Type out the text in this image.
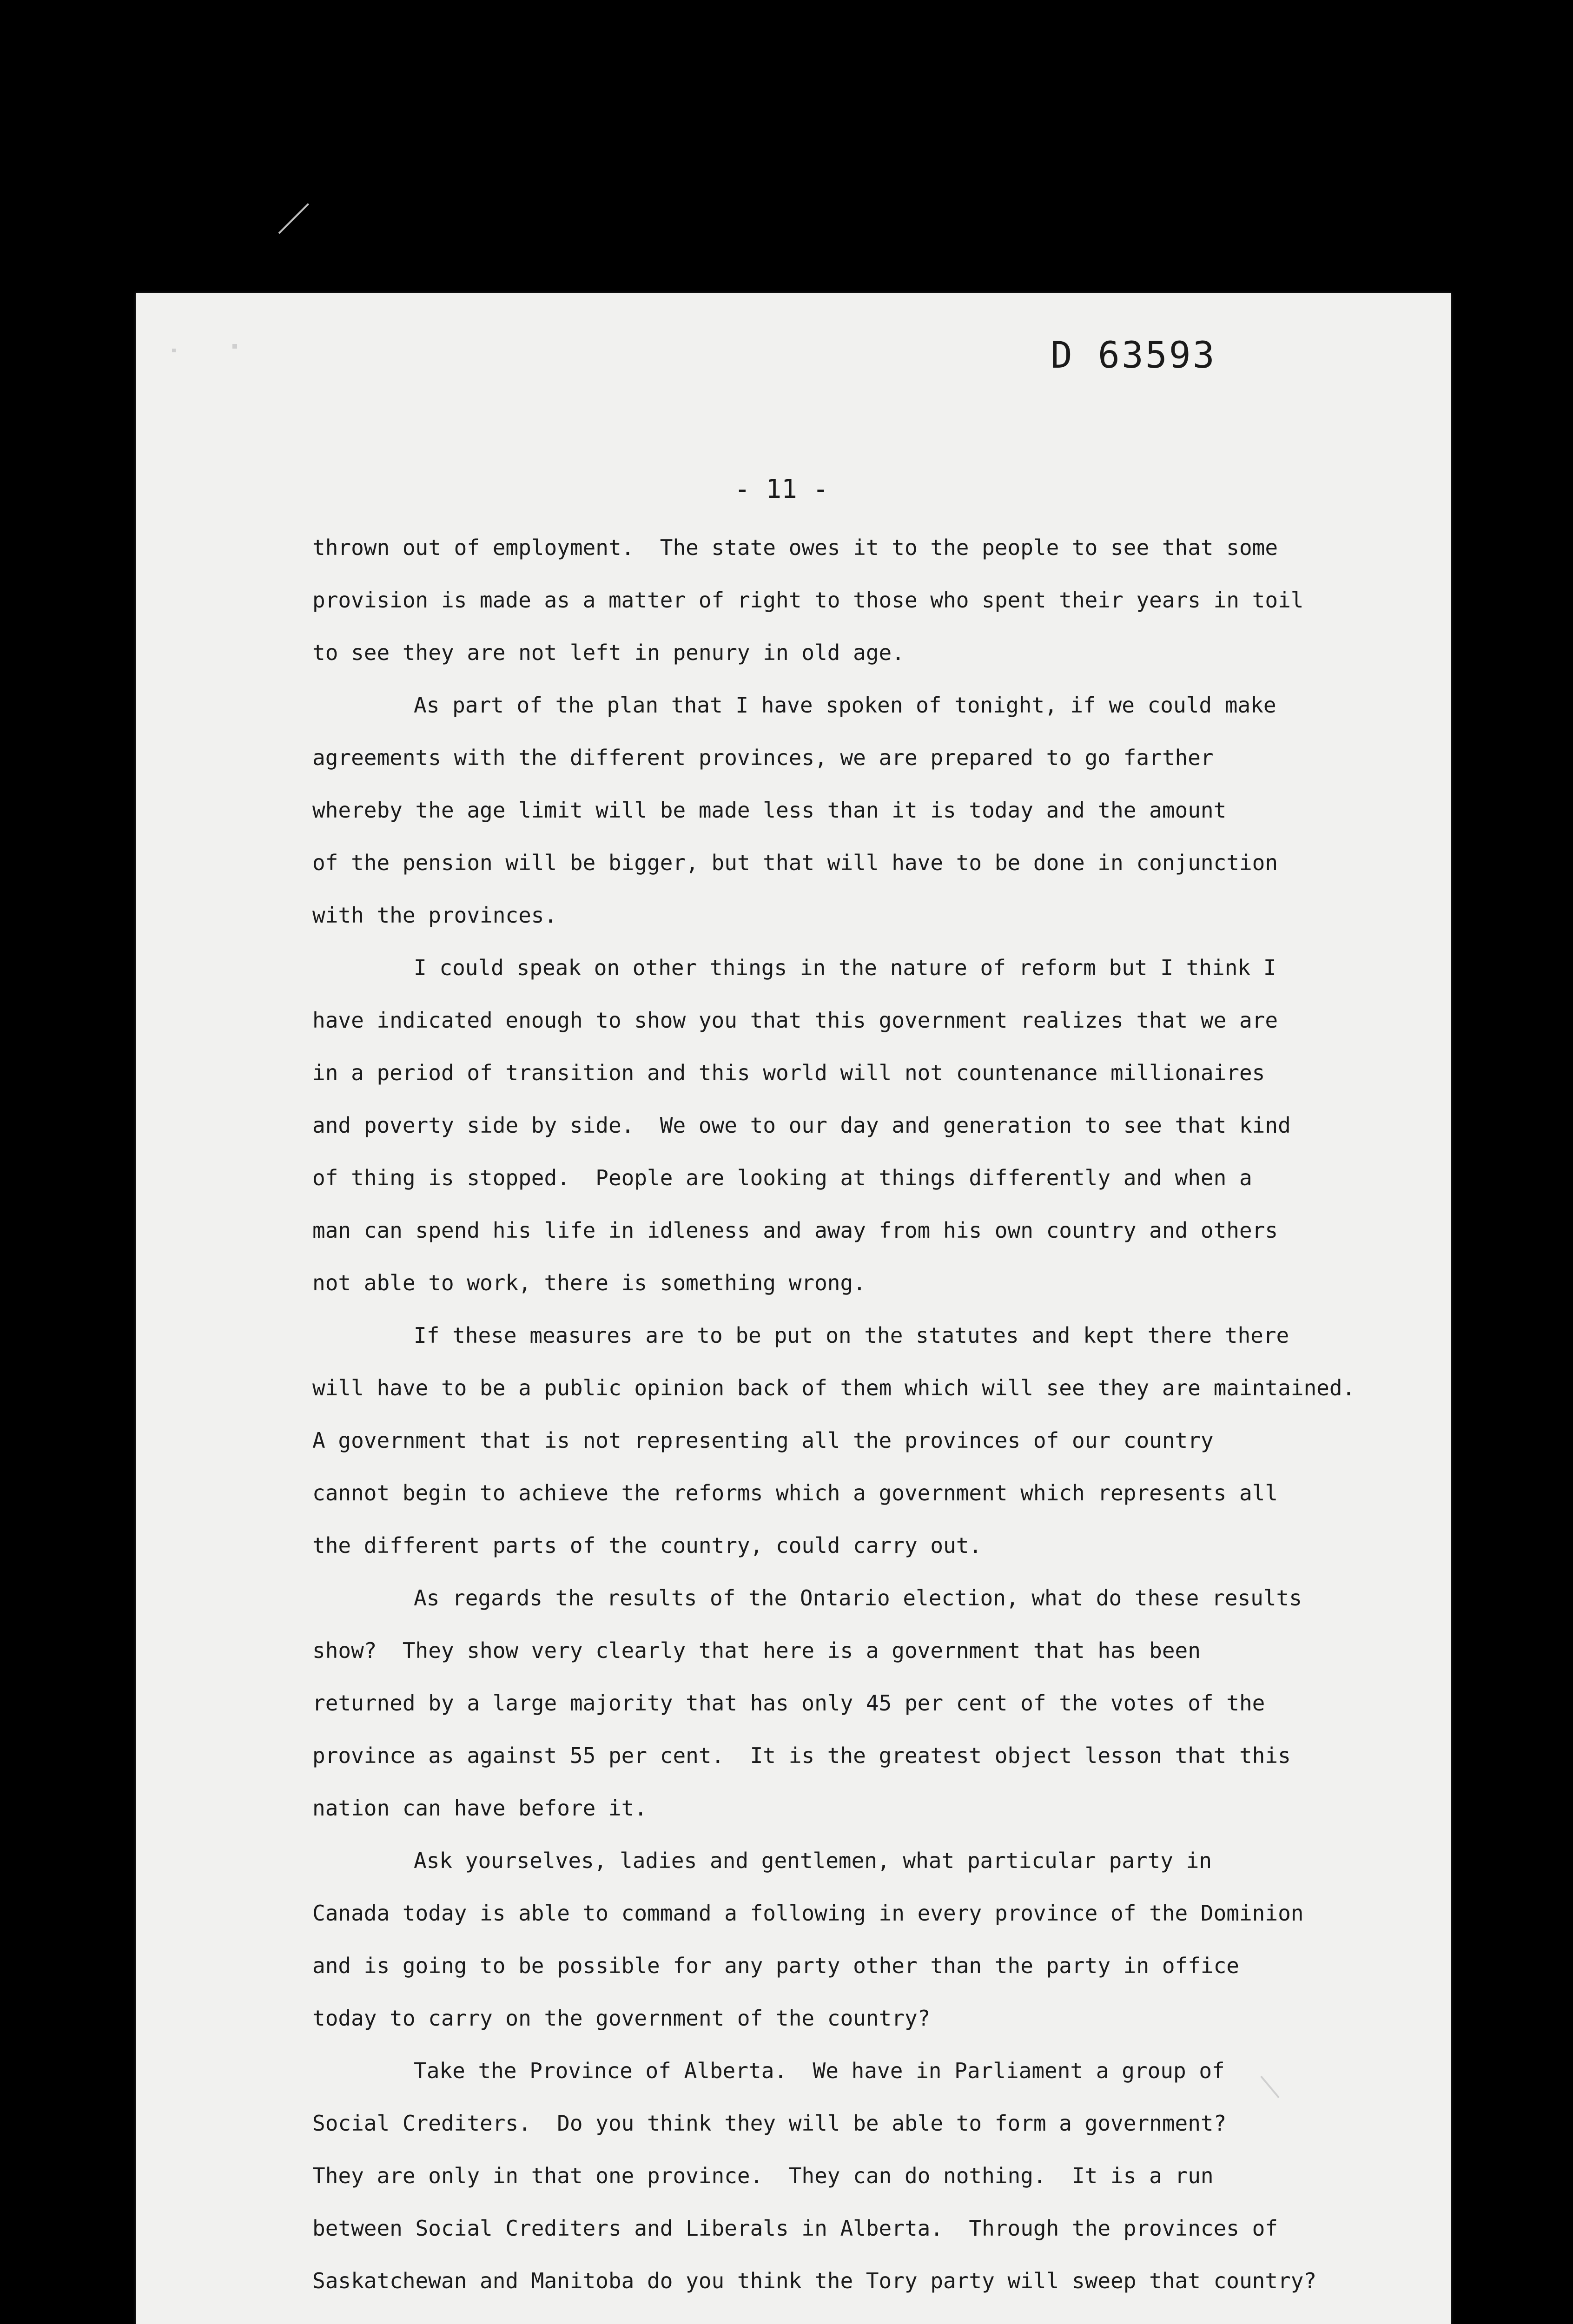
D 63593
- 11 -

thrown out of employment.  The state owes it to the people to see that some

provision is made as a matter of right to those who spent their years in toil

to see they are not left in penury in old age.

As part of the plan that I have spoken of tonight, if we could make

agreements with the different provinces, we are prepared to go farther

whereby the age limit will be made less than it is today and the amount

of the pension will be bigger, but that will have to be done in conjunction

with the provinces.

I could speak on other things in the nature of reform but I think I

have indicated enough to show you that this government realizes that we are

in a period of transition and this world will not countenance millionaires

and poverty side by side.  We owe to our day and generation to see that kind

of thing is stopped.  People are looking at things differently and when a

man can spend his life in idleness and away from his own country and others

not able to work, there is something wrong.

If these measures are to be put on the statutes and kept there there

will have to be a public opinion back of them which will see they are maintained.

A government that is not representing all the provinces of our country

cannot begin to achieve the reforms which a government which represents all

the different parts of the country, could carry out.

As regards the results of the Ontario election, what do these results

show?  They show very clearly that here is a government that has been

returned by a large majority that has only 45 per cent of the votes of the

province as against 55 per cent.  It is the greatest object lesson that this

nation can have before it.

Ask yourselves, ladies and gentlemen, what particular party in

Canada today is able to command a following in every province of the Dominion

and is going to be possible for any party other than the party in office

today to carry on the government of the country?

Take the Province of Alberta.  We have in Parliament a group of

Social Crediters.  Do you think they will be able to form a government?

They are only in that one province.  They can do nothing.  It is a run

between Social Crediters and Liberals in Alberta.  Through the provinces of

Saskatchewan and Manitoba do you think the Tory party will sweep that country?
